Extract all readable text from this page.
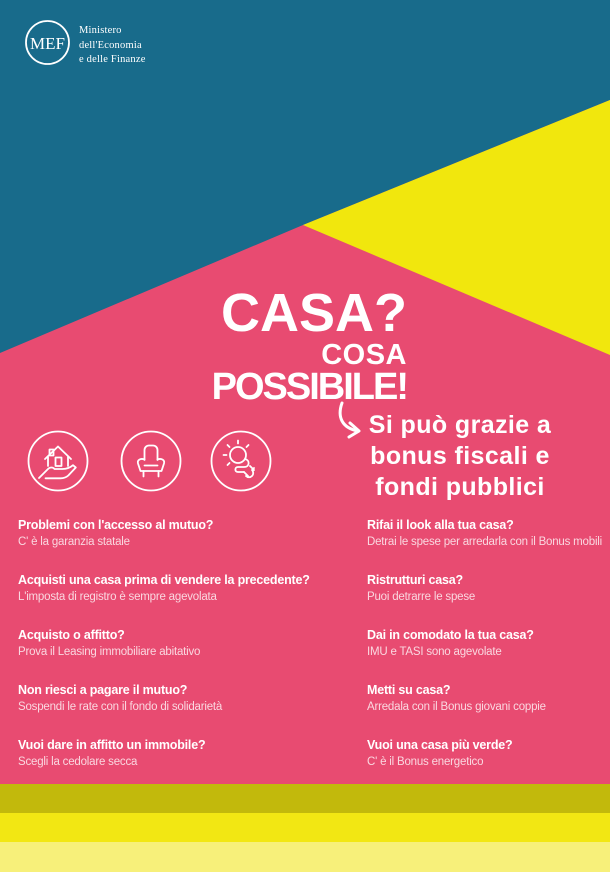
MEF
Ministero
dell'Economia
e delle Finanze
CASA?
COSA
POSSIBILE!
Si può grazie a
bonus fiscali e
fondi pubblici
Problemi con l'accesso al mutuo?
C' è la garanzia statale
Acquisti una casa prima di vendere la precedente?
L'imposta di registro è sempre agevolata
Acquisto o affitto?
Prova il Leasing immobiliare abitativo
Non riesci a pagare il mutuo?
Sospendi le rate con il fondo di solidarietà
Vuoi dare in affitto un immobile?
Scegli la cedolare secca
Rifai il look alla tua casa?
Detrai le spese per arredarla con il Bonus mobili
Ristrutturi casa?
Puoi detrarre le spese
Dai in comodato la tua casa?
IMU e TASI sono agevolate
Metti su casa?
Arredala con il Bonus giovani coppie
Vuoi una casa più verde?
C' è il Bonus energetico
